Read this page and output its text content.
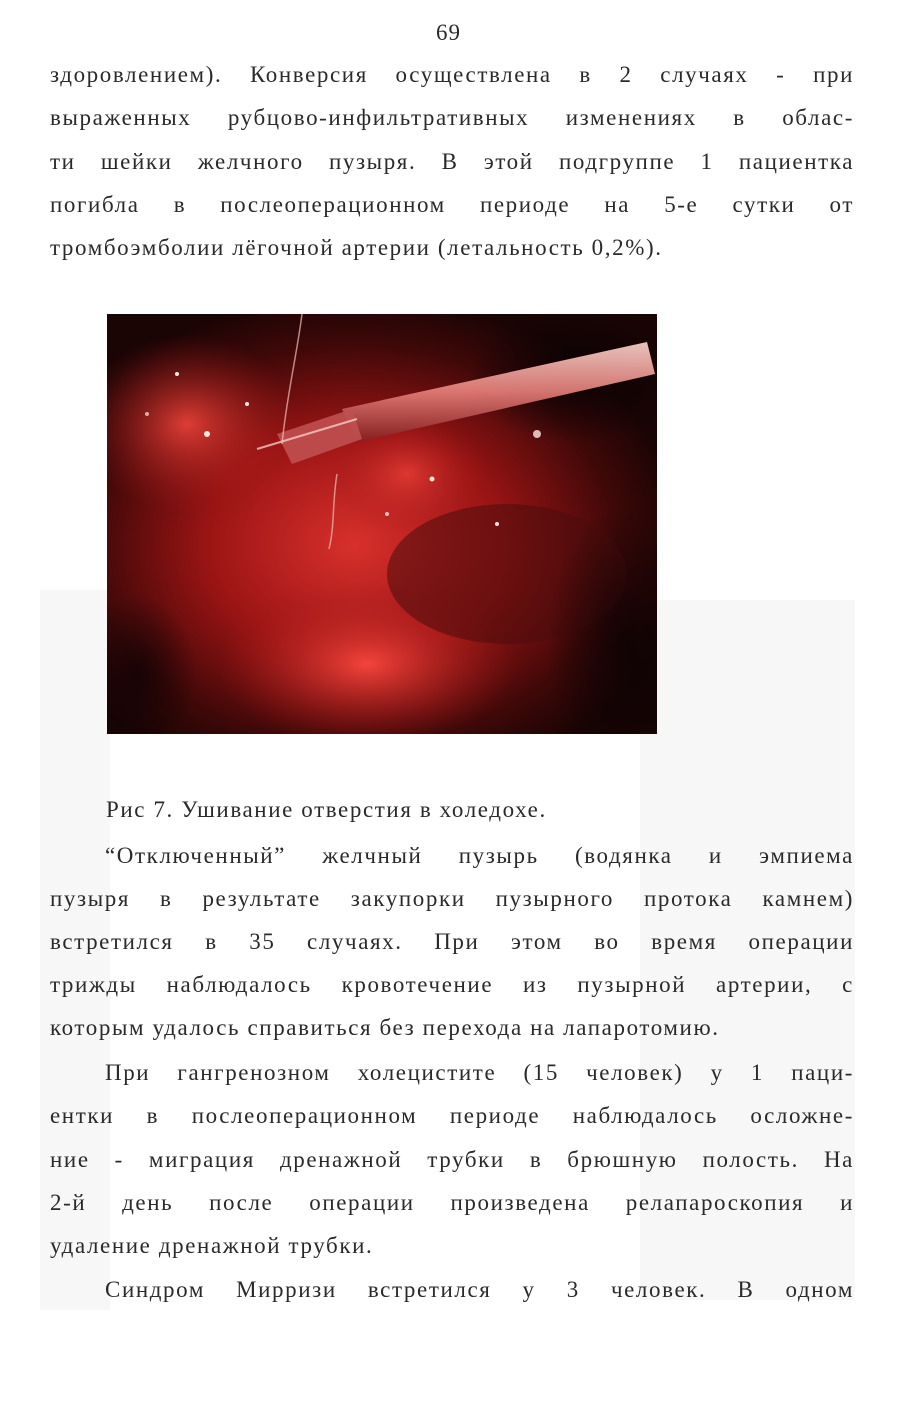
69
здоровлением). Конверсия осуществлена в 2 случаях - при
выраженных рубцово-инфильтративных изменениях в облас-
ти шейки желчного пузыря. В этой подгруппе 1 пациентка
погибла в послеоперационном периоде на 5-е сутки от
тромбоэмболии лёгочной артерии (летальность 0,2%).
Рис 7. Ушивание отверстия в холедохе.
“Отключенный” желчный пузырь (водянка и эмпиема
пузыря в результате закупорки пузырного протока камнем)
встретился в 35 случаях. При этом во время операции
трижды наблюдалось кровотечение из пузырной артерии, с
которым удалось справиться без перехода на лапаротомию.
При гангренозном холецистите (15 человек) у 1 паци-
ентки в послеоперационном периоде наблюдалось осложне-
ние - миграция дренажной трубки в брюшную полость. На
2-й день после операции произведена релапароскопия и
удаление дренажной трубки.
Синдром Мирризи встретился у 3 человек. В одном
